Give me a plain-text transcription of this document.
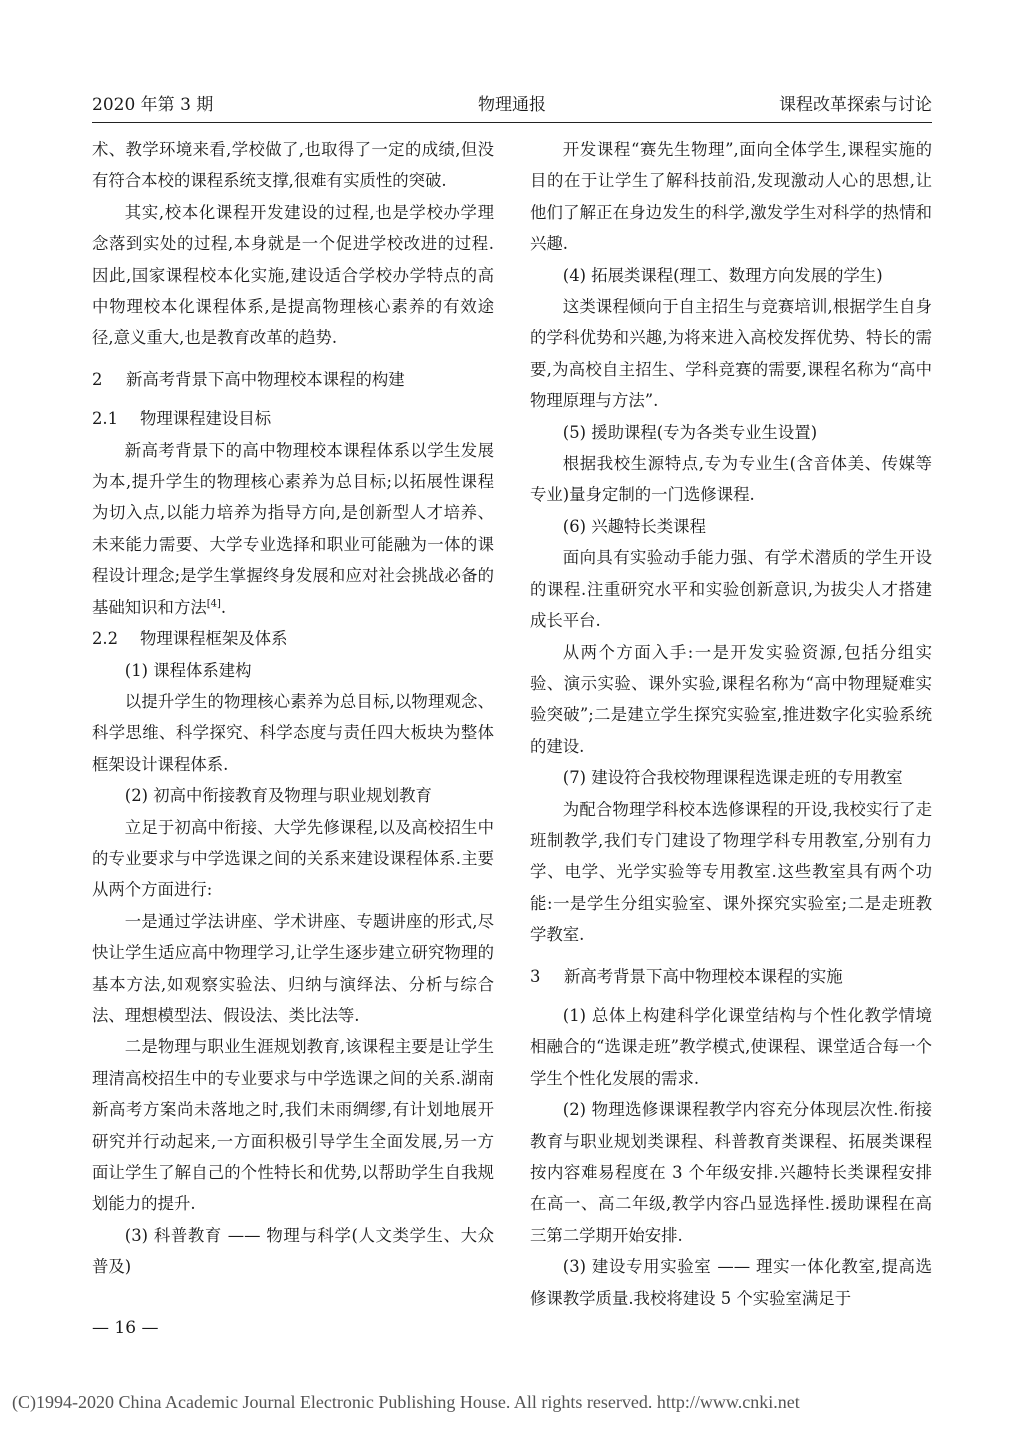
2020 年第 3 期	物理通报	课程改革探索与讨论

术、教学环境来看,学校做了,也取得了一定的成绩,但没有符合本校的课程系统支撑,很难有实质性的突破.

其实,校本化课程开发建设的过程,也是学校办学理念落到实处的过程,本身就是一个促进学校改进的过程.因此,国家课程校本化实施,建设适合学校办学特点的高中物理校本化课程体系,是提高物理核心素养的有效途径,意义重大,也是教育改革的趋势.

2 新高考背景下高中物理校本课程的构建

2.1 物理课程建设目标

新高考背景下的高中物理校本课程体系以学生发展为本,提升学生的物理核心素养为总目标;以拓展性课程为切入点,以能力培养为指导方向,是创新型人才培养、未来能力需要、大学专业选择和职业可能融为一体的课程设计理念;是学生掌握终身发展和应对社会挑战必备的基础知识和方法[4].

2.2 物理课程框架及体系

(1) 课程体系建构

以提升学生的物理核心素养为总目标,以物理观念、科学思维、科学探究、科学态度与责任四大板块为整体框架设计课程体系.

(2) 初高中衔接教育及物理与职业规划教育

立足于初高中衔接、大学先修课程,以及高校招生中的专业要求与中学选课之间的关系来建设课程体系.主要从两个方面进行:

一是通过学法讲座、学术讲座、专题讲座的形式,尽快让学生适应高中物理学习,让学生逐步建立研究物理的基本方法,如观察实验法、归纳与演绎法、分析与综合法、理想模型法、假设法、类比法等.

二是物理与职业生涯规划教育,该课程主要是让学生理清高校招生中的专业要求与中学选课之间的关系.湖南新高考方案尚未落地之时,我们未雨绸缪,有计划地展开研究并行动起来,一方面积极引导学生全面发展,另一方面让学生了解自己的个性特长和优势,以帮助学生自我规划能力的提升.

(3) 科普教育 —— 物理与科学(人文类学生、大众普及)

开发课程“赛先生物理”,面向全体学生,课程实施的目的在于让学生了解科技前沿,发现激动人心的思想,让他们了解正在身边发生的科学,激发学生对科学的热情和兴趣.

(4) 拓展类课程(理工、数理方向发展的学生)

这类课程倾向于自主招生与竞赛培训,根据学生自身的学科优势和兴趣,为将来进入高校发挥优势、特长的需要,为高校自主招生、学科竞赛的需要,课程名称为“高中物理原理与方法”.

(5) 援助课程(专为各类专业生设置)

根据我校生源特点,专为专业生(含音体美、传媒等专业)量身定制的一门选修课程.

(6) 兴趣特长类课程

面向具有实验动手能力强、有学术潜质的学生开设的课程.注重研究水平和实验创新意识,为拔尖人才搭建成长平台.

从两个方面入手:一是开发实验资源,包括分组实验、演示实验、课外实验,课程名称为“高中物理疑难实验突破”;二是建立学生探究实验室,推进数字化实验系统的建设.

(7) 建设符合我校物理课程选课走班的专用教室

为配合物理学科校本选修课程的开设,我校实行了走班制教学,我们专门建设了物理学科专用教室,分别有力学、电学、光学实验等专用教室.这些教室具有两个功能:一是学生分组实验室、课外探究实验室;二是走班教学教室.

3 新高考背景下高中物理校本课程的实施

(1) 总体上构建科学化课堂结构与个性化教学情境相融合的“选课走班”教学模式,使课程、课堂适合每一个学生个性化发展的需求.

(2) 物理选修课课程教学内容充分体现层次性.衔接教育与职业规划类课程、科普教育类课程、拓展类课程按内容难易程度在 3 个年级安排.兴趣特长类课程安排在高一、高二年级,教学内容凸显选择性.援助课程在高三第二学期开始安排.

(3) 建设专用实验室 —— 理实一体化教室,提高选修课教学质量.我校将建设 5 个实验室满足于

— 16 —
(C)1994-2020 China Academic Journal Electronic Publishing House. All rights reserved. http://www.cnki.net
